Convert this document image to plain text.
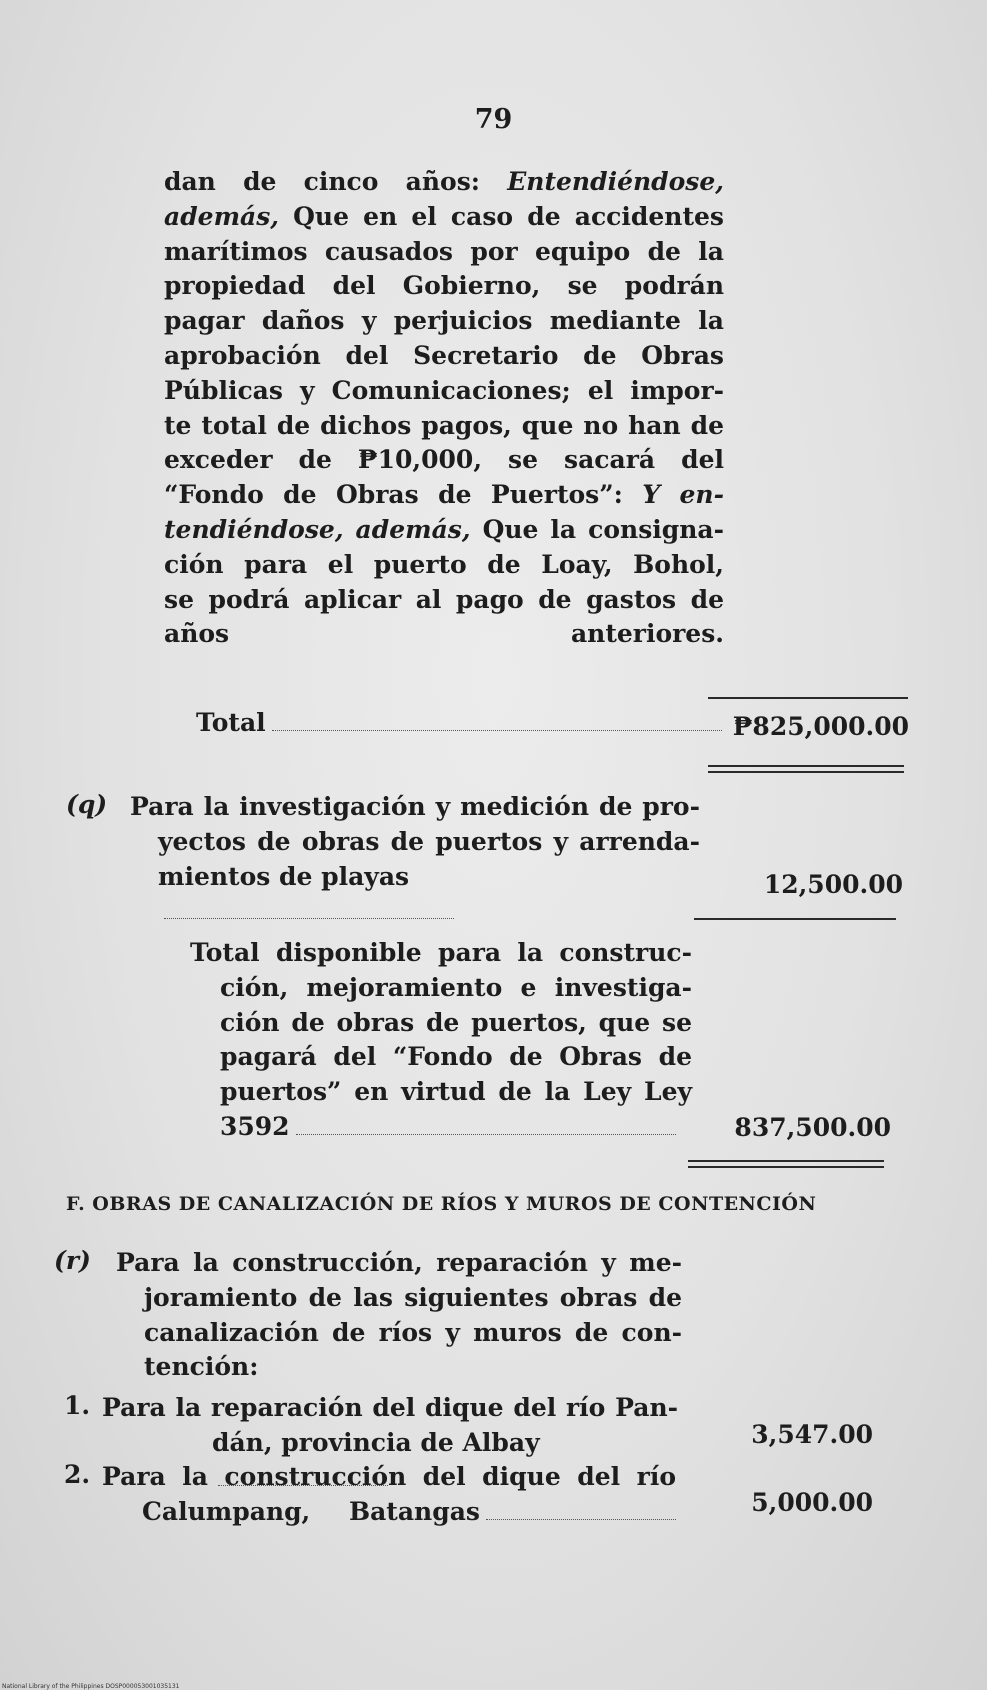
79
dan de cinco años: Entendiéndose,
además, Que en el caso de accidentes
marítimos causados por equipo de la
propiedad del Gobierno, se podrán
pagar daños y perjuicios mediante la
aprobación del Secretario de Obras
Públicas y Comunicaciones; el impor-
te total de dichos pagos, que no han de
exceder de ₱10,000, se sacará del
“Fondo de Obras de Puertos”: Y en-
tendiéndose, además, Que la consigna-
ción para el puerto de Loay, Bohol,
se podrá aplicar al pago de gastos de
años anteriores.
Total	₱825,000.00
(q) Para la investigación y medición de pro-
yectos de obras de puertos y arrenda-
mientos de playas	12,500.00
Total disponible para la construc-
ción, mejoramiento e investiga-
ción de obras de puertos, que se
pagará del “Fondo de Obras de
puertos” en virtud de la Ley Ley
3592	837,500.00
F. OBRAS DE CANALIZACIÓN DE RÍOS Y MUROS DE CONTENCIÓN
(r) Para la construcción, reparación y me-
joramiento de las siguientes obras de
canalización de ríos y muros de con-
tención:
1. Para la reparación del dique del río Pan-
dán, provincia de Albay	3,547.00
2. Para la construcción del dique del río
Calumpang, Batangas	5,000.00
National Library of the Philippines DOSP000053001035131
